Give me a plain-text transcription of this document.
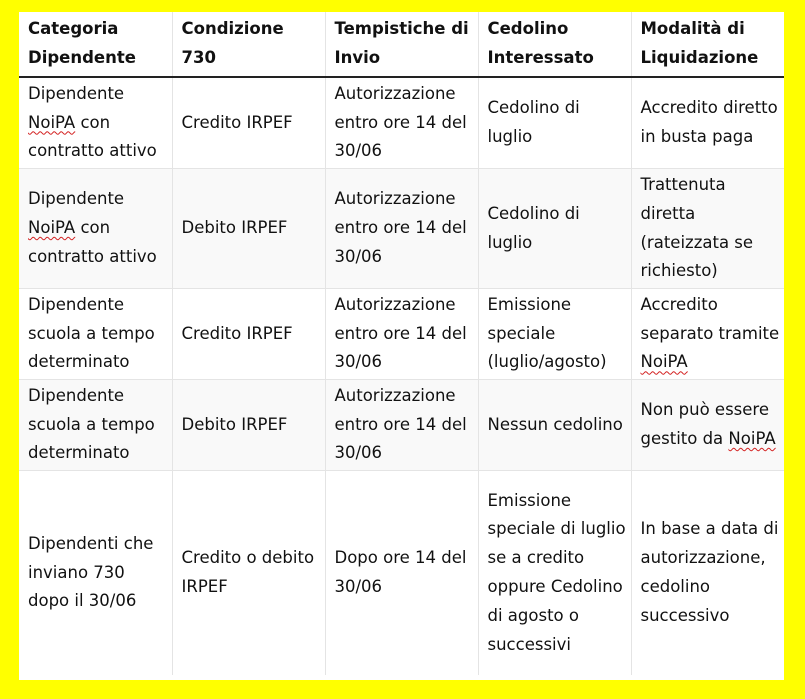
Categoria Dipendente	Condizione 730	Tempistiche di Invio	Cedolino Interessato	Modalità di Liquidazione
Dipendente NoiPA con contratto attivo	Credito IRPEF	Autorizzazione entro ore 14 del 30/06	Cedolino di luglio	Accredito diretto in busta paga
Dipendente NoiPA con contratto attivo	Debito IRPEF	Autorizzazione entro ore 14 del 30/06	Cedolino di luglio	Trattenuta diretta (rateizzata se richiesto)
Dipendente scuola a tempo determinato	Credito IRPEF	Autorizzazione entro ore 14 del 30/06	Emissione speciale (luglio/agosto)	Accredito separato tramite NoiPA
Dipendente scuola a tempo determinato	Debito IRPEF	Autorizzazione entro ore 14 del 30/06	Nessun cedolino	Non può essere gestito da NoiPA
Dipendenti che inviano 730 dopo il 30/06	Credito o debito IRPEF	Dopo ore 14 del 30/06	Emissione speciale di luglio se a credito oppure Cedolino di agosto o successivi	In base a data di autorizzazione, cedolino successivo
